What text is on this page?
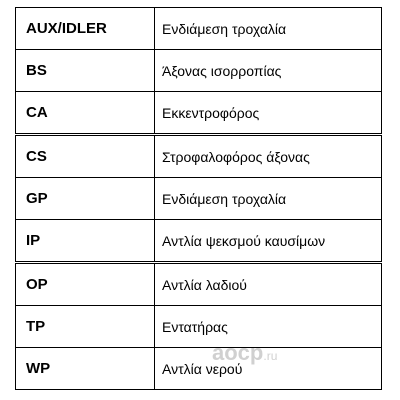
AUX/IDLER	Ενδιάμεση τροχαλία
BS	Άξονας ισορροπίας
CA	Εκκεντροφόρος
CS	Στροφαλοφόρος άξονας
GP	Ενδιάμεση τροχαλία
IP	Αντλία ψεκσμού καυσίμων
OP	Αντλία λαδιού
TP	Εντατήρας
WP	Αντλία νερού
aocp.ru
